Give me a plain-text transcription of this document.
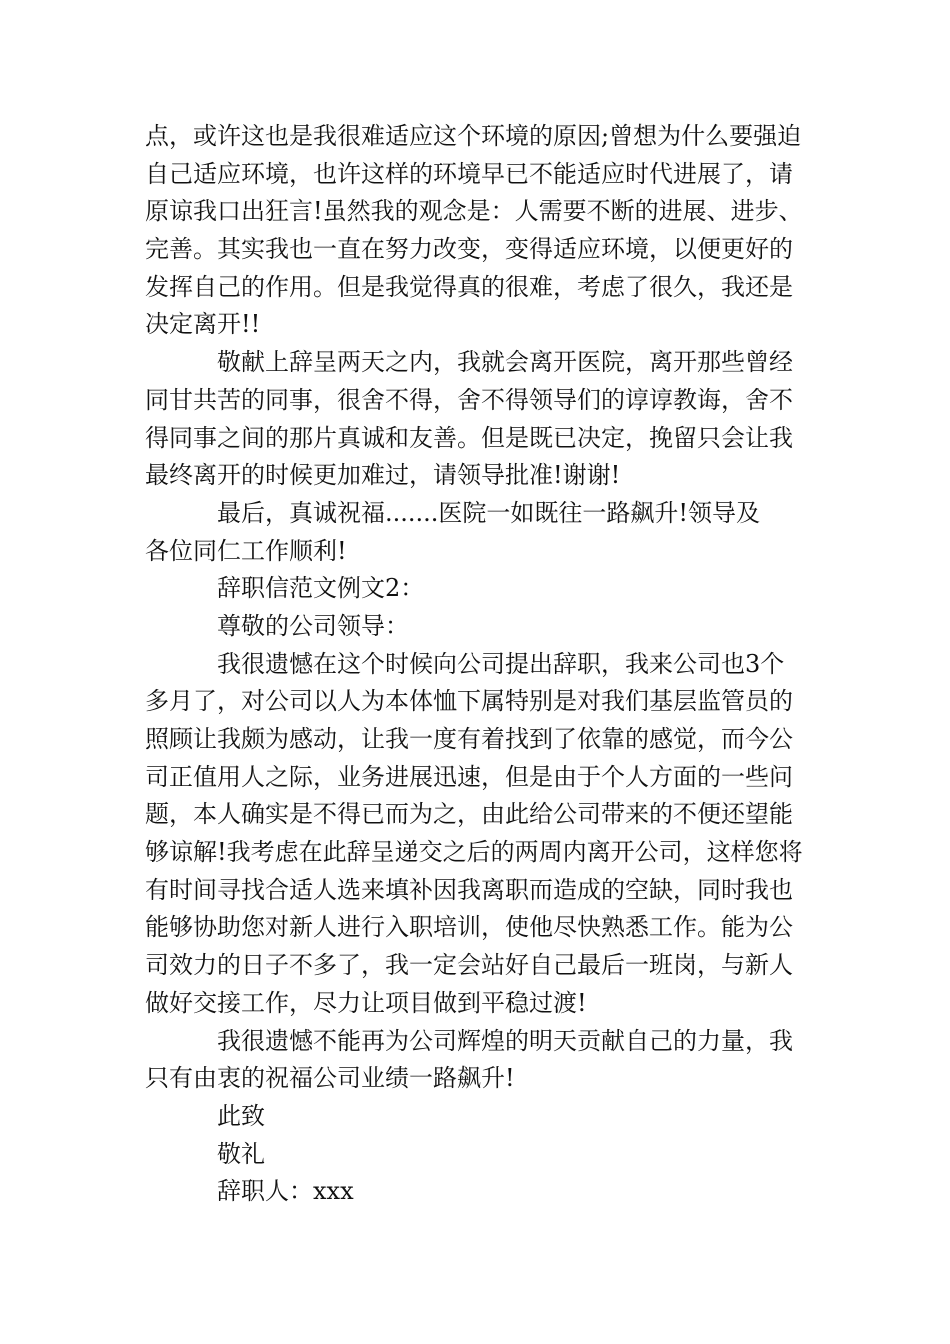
点，或许这也是我很难适应这个环境的原因;曾想为什么要强迫
自己适应环境，也许这样的环境早已不能适应时代进展了，请
原谅我口出狂言!虽然我的观念是：人需要不断的进展、进步、
完善。其实我也一直在努力改变，变得适应环境，以便更好的
发挥自己的作用。但是我觉得真的很难，考虑了很久，我还是
决定离开!!
敬献上辞呈两天之内，我就会离开医院，离开那些曾经
同甘共苦的同事，很舍不得，舍不得领导们的谆谆教诲，舍不
得同事之间的那片真诚和友善。但是既已决定，挽留只会让我
最终离开的时候更加难过，请领导批准!谢谢!
最后，真诚祝福.......医院一如既往一路飙升!领导及
各位同仁工作顺利!
辞职信范文例文2：
尊敬的公司领导：
我很遗憾在这个时候向公司提出辞职，我来公司也3个
多月了，对公司以人为本体恤下属特别是对我们基层监管员的
照顾让我颇为感动，让我一度有着找到了依靠的感觉，而今公
司正值用人之际，业务进展迅速，但是由于个人方面的一些问
题，本人确实是不得已而为之，由此给公司带来的不便还望能
够谅解!我考虑在此辞呈递交之后的两周内离开公司，这样您将
有时间寻找合适人选来填补因我离职而造成的空缺，同时我也
能够协助您对新人进行入职培训，使他尽快熟悉工作。能为公
司效力的日子不多了，我一定会站好自己最后一班岗，与新人
做好交接工作，尽力让项目做到平稳过渡!
我很遗憾不能再为公司辉煌的明天贡献自己的力量，我
只有由衷的祝福公司业绩一路飙升!
此致
敬礼
辞职人：xxx
